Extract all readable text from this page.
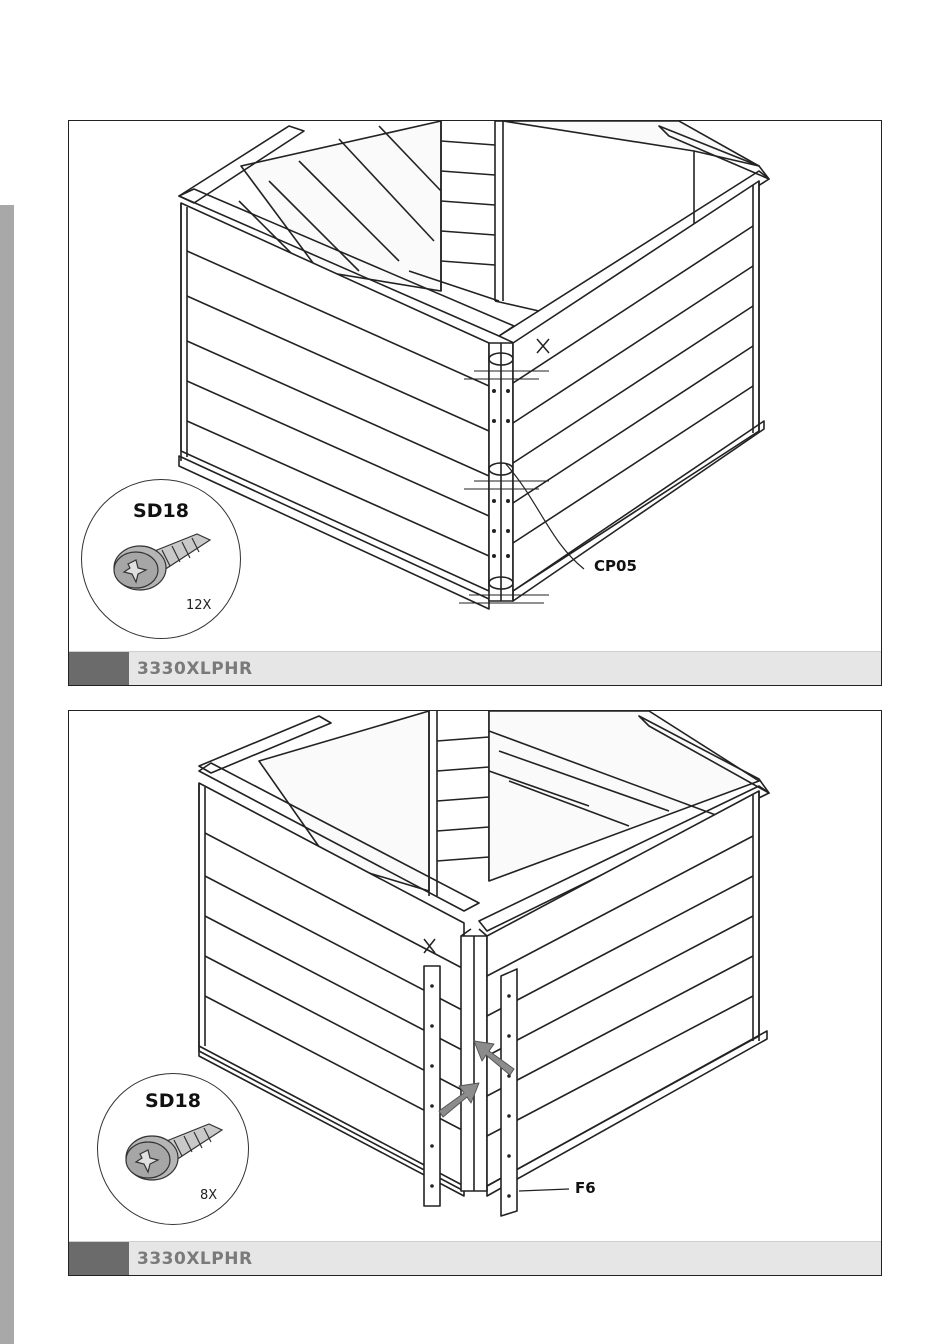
SD18
12X
CP05
3330XLPHR
SD18
8X	F6
3330XLPHR
